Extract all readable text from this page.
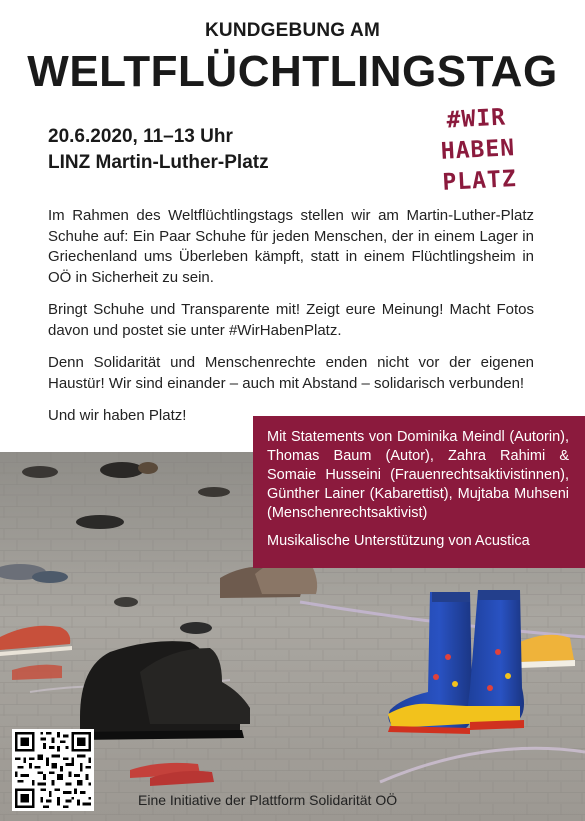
KUNDGEBUNG AM
WELTFLÜCHTLINGSTAG
20.6.2020, 11–13 Uhr
LINZ Martin-Luther-Platz
#WIR
HABEN
PLATZ

Im Rahmen des Weltflüchtlingstags stellen wir am Martin-Luther-Platz Schuhe auf: Ein Paar Schuhe für jeden Menschen, der in einem Lager in Griechenland ums Überleben kämpft, statt in einem Flüchtlingsheim in OÖ in Sicherheit zu sein.

Bringt Schuhe und Transparente mit! Zeigt eure Meinung! Macht Fotos davon und postet sie unter #WirHabenPlatz.

Denn Solidarität und Menschenrechte enden nicht vor der eigenen Haustür! Wir sind einander – auch mit Abstand – solidarisch verbunden!

Und wir haben Platz!

Mit Statements von Dominika Meindl (Autorin), Thomas Baum (Autor), Zahra Rahimi & Somaie Husseini (Frauenrechtsaktivistinnen), Günther Lainer (Kabarettist), Mujtaba Muhseni (Menschenrechtsaktivist)

Musikalische Unterstützung von Acustica

Eine Initiative der Plattform Solidarität OÖ
